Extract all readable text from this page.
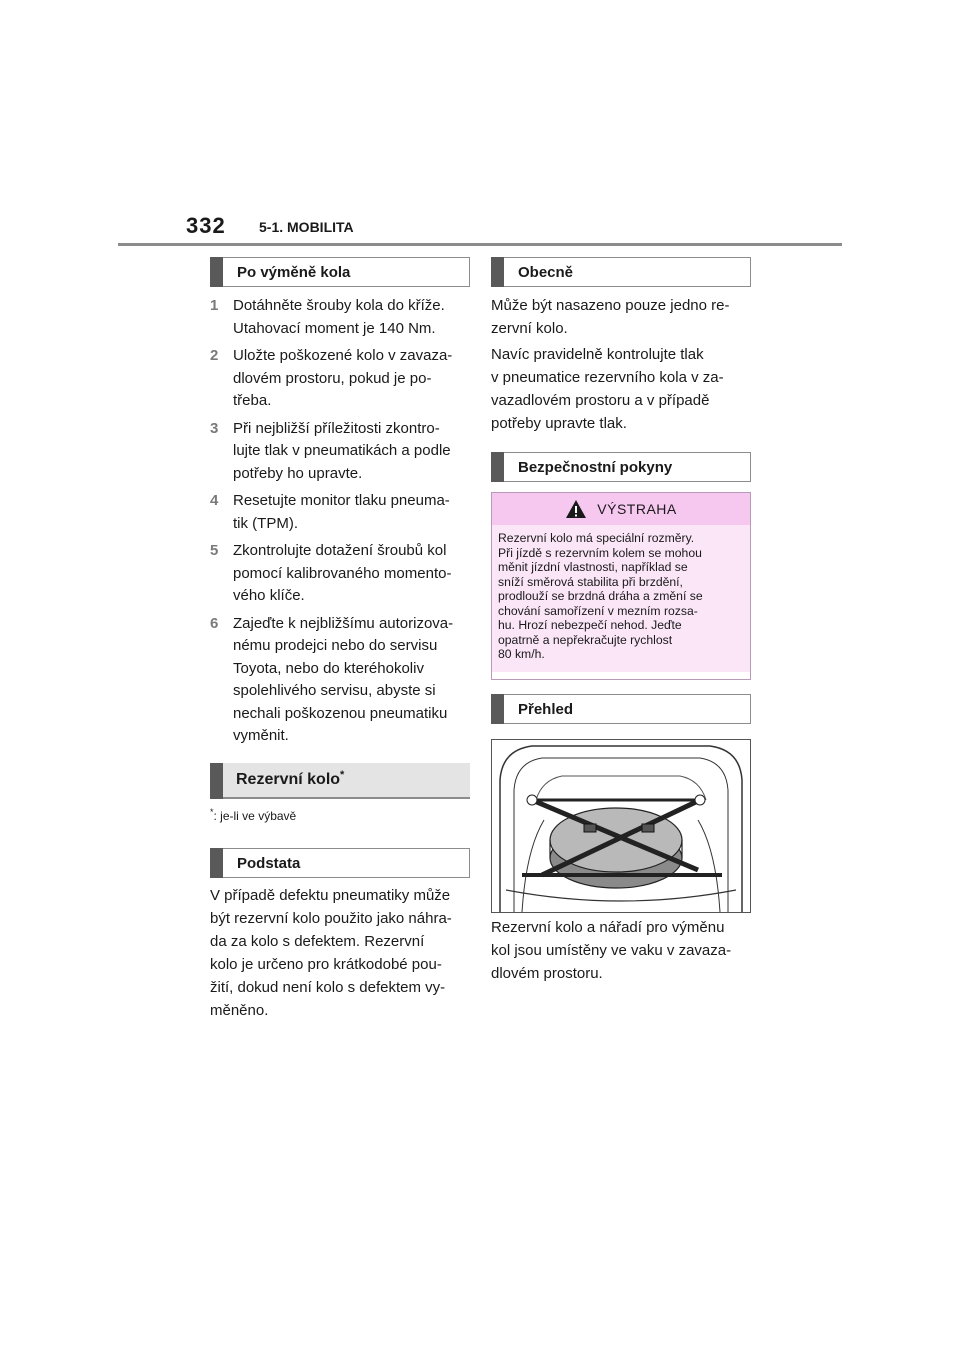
332 5-1. MOBILITA
Po výměně kola
1 Dotáhněte šrouby kola do kříže.
Utahovací moment je 140 Nm.
2 Uložte poškozené kolo v zavaza-
dlovém prostoru, pokud je po-
třeba.
3 Při nejbližší příležitosti zkontro-
lujte tlak v pneumatikách a podle
potřeby ho upravte.
4 Resetujte monitor tlaku pneuma-
tik (TPM).
5 Zkontrolujte dotažení šroubů kol
pomocí kalibrovaného momento-
vého klíče.
6 Zajeďte k nejbližšímu autorizova-
nému prodejci nebo do servisu
Toyota, nebo do kteréhokoliv
spolehlivého servisu, abyste si
nechali poškozenou pneumatiku
vyměnit.
Rezervní kolo*
*: je-li ve výbavě
Podstata
V případě defektu pneumatiky může
být rezervní kolo použito jako náhra-
da za kolo s defektem. Rezervní
kolo je určeno pro krátkodobé pou-
žití, dokud není kolo s defektem vy-
měněno.
Obecně
Může být nasazeno pouze jedno re-
zervní kolo.
Navíc pravidelně kontrolujte tlak
v pneumatice rezervního kola v za-
vazadlovém prostoru a v případě
potřeby upravte tlak.
Bezpečnostní pokyny
VÝSTRAHA
Rezervní kolo má speciální rozměry.
Při jízdě s rezervním kolem se mohou
měnit jízdní vlastnosti, například se
sníží směrová stabilita při brzdění,
prodlouží se brzdná dráha a změní se
chování samořízení v mezním rozsa-
hu. Hrozí nebezpečí nehod. Jeďte
opatrně a nepřekračujte rychlost
80 km/h.
Přehled
Rezervní kolo a nářadí pro výměnu
kol jsou umístěny ve vaku v zavaza-
dlovém prostoru.
